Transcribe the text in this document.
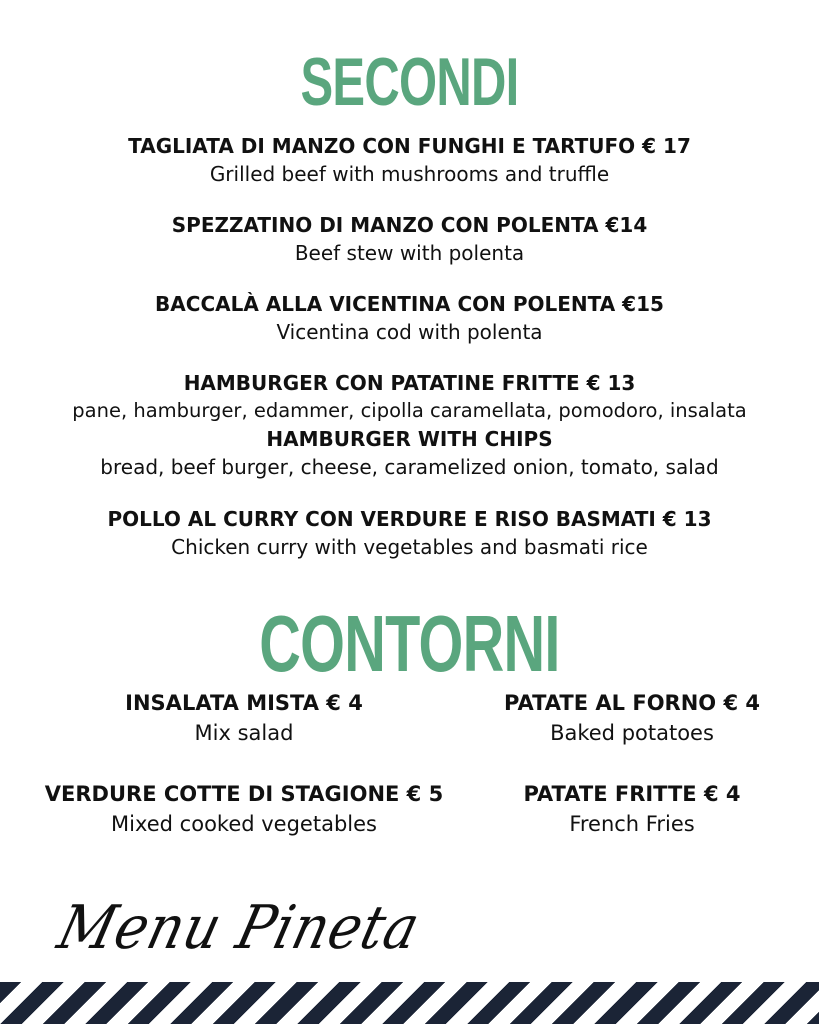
SECONDI
TAGLIATA DI MANZO CON FUNGHI E TARTUFO € 17
Grilled beef with mushrooms and truffle
SPEZZATINO DI MANZO CON POLENTA €14
Beef stew with polenta
BACCALÀ ALLA VICENTINA CON POLENTA €15
Vicentina cod with polenta
HAMBURGER CON PATATINE FRITTE € 13
pane, hamburger, edammer, cipolla caramellata, pomodoro, insalata
HAMBURGER WITH CHIPS
bread, beef burger, cheese, caramelized onion, tomato, salad
POLLO AL CURRY CON VERDURE E RISO BASMATI € 13
Chicken curry with vegetables and basmati rice
CONTORNI
INSALATA MISTA € 4
Mix salad
PATATE AL FORNO € 4
Baked potatoes
VERDURE COTTE DI STAGIONE € 5
Mixed cooked vegetables
PATATE FRITTE € 4
French Fries
Menu Pineta
